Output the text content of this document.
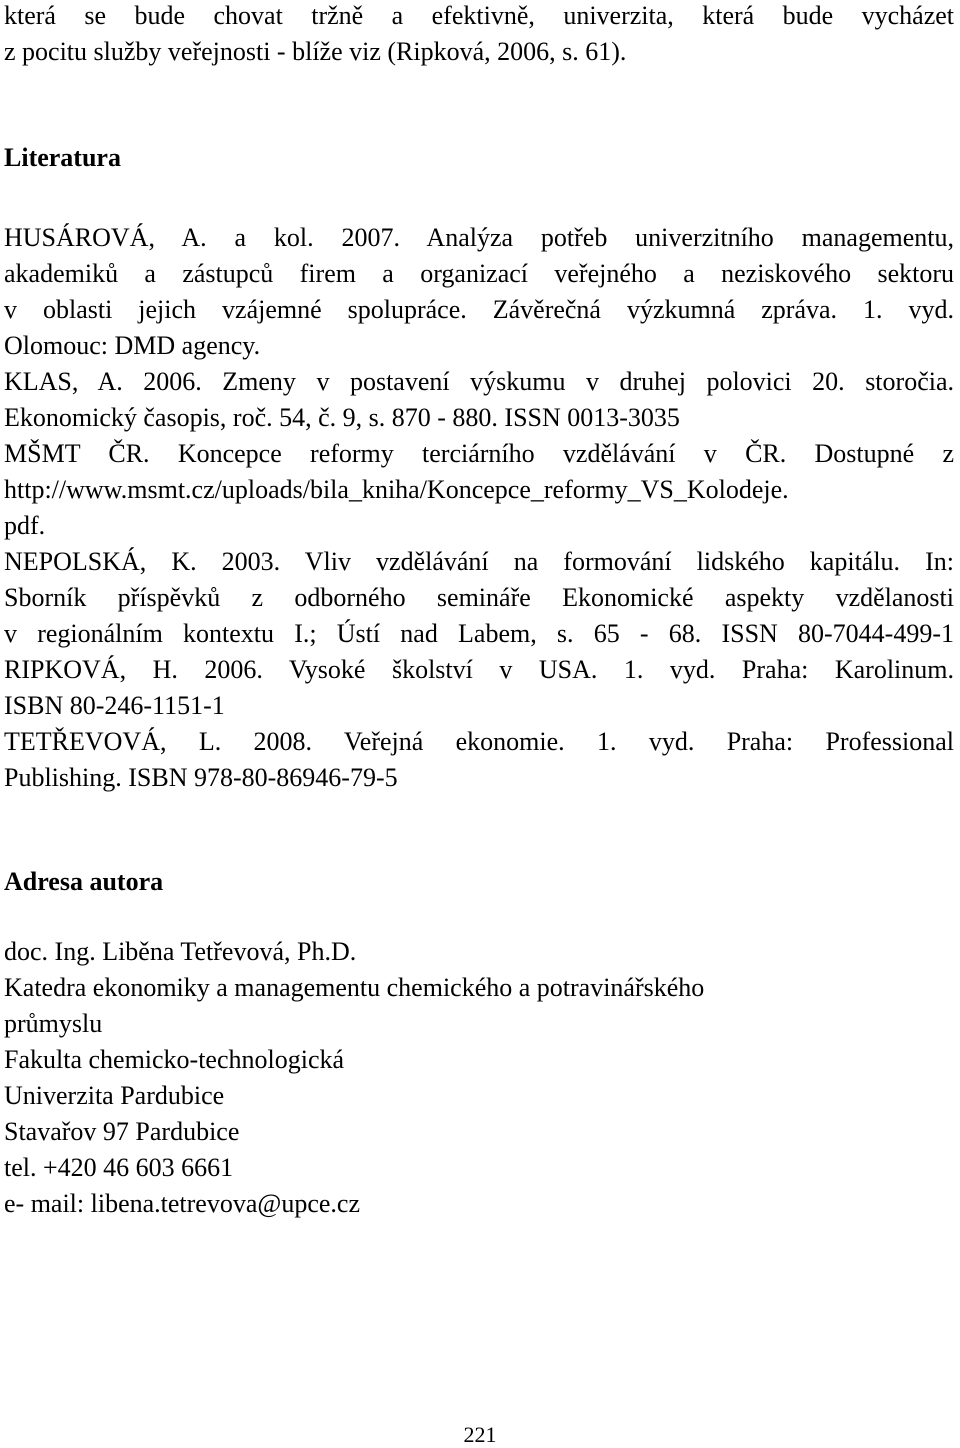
která se bude chovat tržně a efektivně, univerzita, která bude vycházet
z pocitu služby veřejnosti - blíže viz (Ripková, 2006, s. 61).
Literatura
HUSÁROVÁ, A. a kol. 2007. Analýza potřeb univerzitního managementu,
akademiků a zástupců firem a organizací veřejného a neziskového sektoru
v oblasti jejich vzájemné spolupráce. Závěrečná výzkumná zpráva. 1. vyd.
Olomouc: DMD agency.
KLAS, A. 2006. Zmeny v postavení výskumu v druhej polovici 20. storočia.
Ekonomický časopis, roč. 54, č. 9, s. 870 - 880. ISSN 0013-3035
MŠMT ČR. Koncepce reformy terciárního vzdělávání v ČR. Dostupné z
http://www.msmt.cz/uploads/bila_kniha/Koncepce_reformy_VS_Kolodeje.
pdf.
NEPOLSKÁ, K. 2003. Vliv vzdělávání na formování lidského kapitálu. In:
Sborník příspěvků z odborného semináře Ekonomické aspekty vzdělanosti
v regionálním kontextu I.; Ústí nad Labem, s. 65 - 68. ISSN 80-7044-499-1
RIPKOVÁ, H. 2006. Vysoké školství v USA. 1. vyd. Praha: Karolinum.
ISBN 80-246-1151-1
TETŘEVOVÁ, L. 2008. Veřejná ekonomie. 1. vyd. Praha: Professional
Publishing. ISBN 978-80-86946-79-5
Adresa autora
doc. Ing. Liběna Tetřevová, Ph.D.
Katedra ekonomiky a managementu chemického a potravinářského
průmyslu
Fakulta chemicko-technologická
Univerzita Pardubice
Stavařov 97 Pardubice
tel. +420 46 603 6661
e- mail: libena.tetrevova@upce.cz
221
